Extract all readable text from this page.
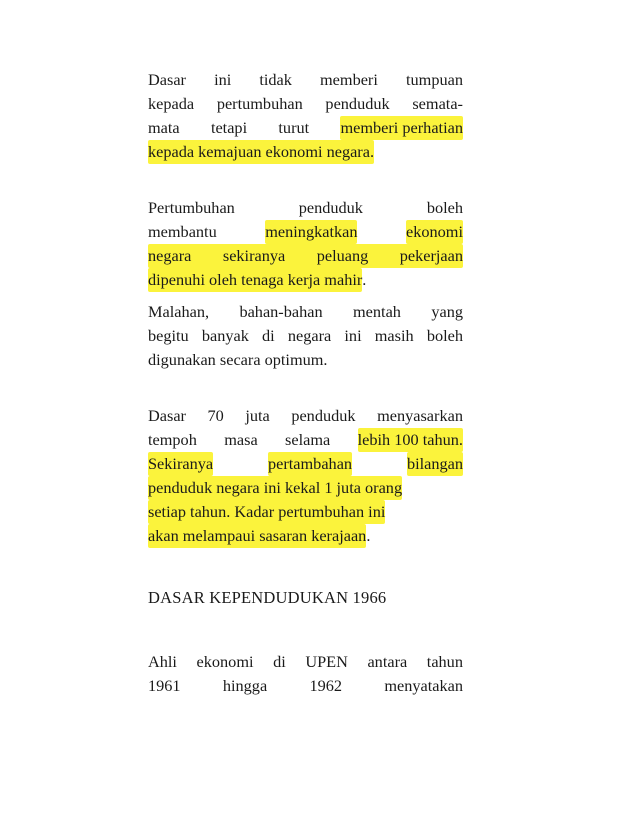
Dasar ini tidak memberi tumpuan
kepada pertumbuhan penduduk semata-
mata tetapi turut memberi perhatian
kepada kemajuan ekonomi negara.
Pertumbuhan	penduduk	boleh
membantu	meningkatkan	ekonomi
negara sekiranya peluang pekerjaan
dipenuhi oleh tenaga kerja mahir .
Malahan, bahan-bahan mentah yang
begitu banyak di negara ini masih boleh
digunakan secara optimum.
Dasar 70 juta penduduk menyasarkan
tempoh masa selama lebih 100 tahun.
Sekiranya	pertambahan	bilangan
penduduk negara ini kekal 1 juta orang
setiap tahun. Kadar pertumbuhan ini
akan melampaui sasaran kerajaan .
DASAR KEPENDUDUKAN 1966
Ahli ekonomi di UPEN antara tahun
1961	hingga	1962	menyatakan
